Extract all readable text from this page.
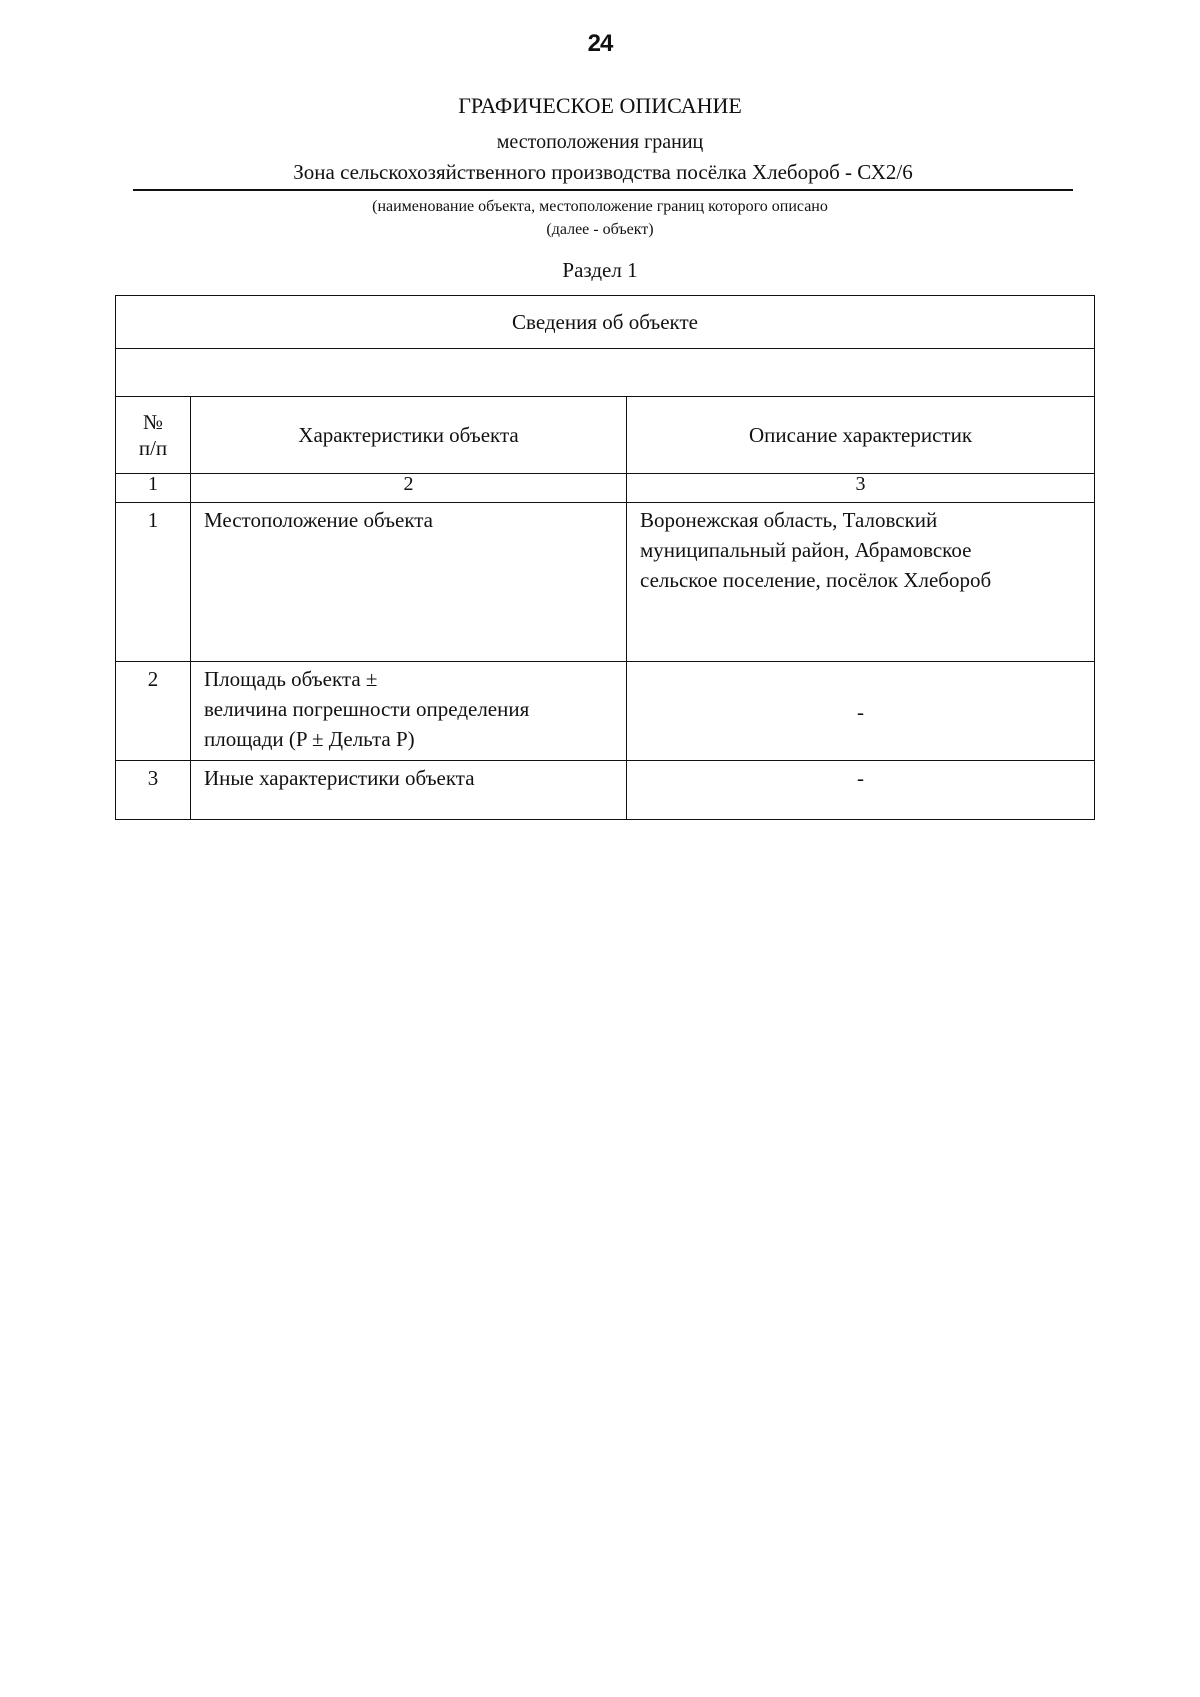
24
ГРАФИЧЕСКОЕ ОПИСАНИЕ
местоположения границ
Зона сельскохозяйственного производства посёлка Хлебороб - СХ2/6
(наименование объекта, местоположение границ которого описано
(далее - объект)
Раздел 1
Сведения об объекте		

№
п/п	Характеристики объекта	Описание характеристик
1	2	3
1	Местоположение объекта	Воронежская область, Таловский
муниципальный район, Абрамовское
сельское поселение, посёлок Хлебороб

2	Площадь объекта ±
величина погрешности определения
площади (P ± Дельта P)	-
3	Иные характеристики объекта	-
